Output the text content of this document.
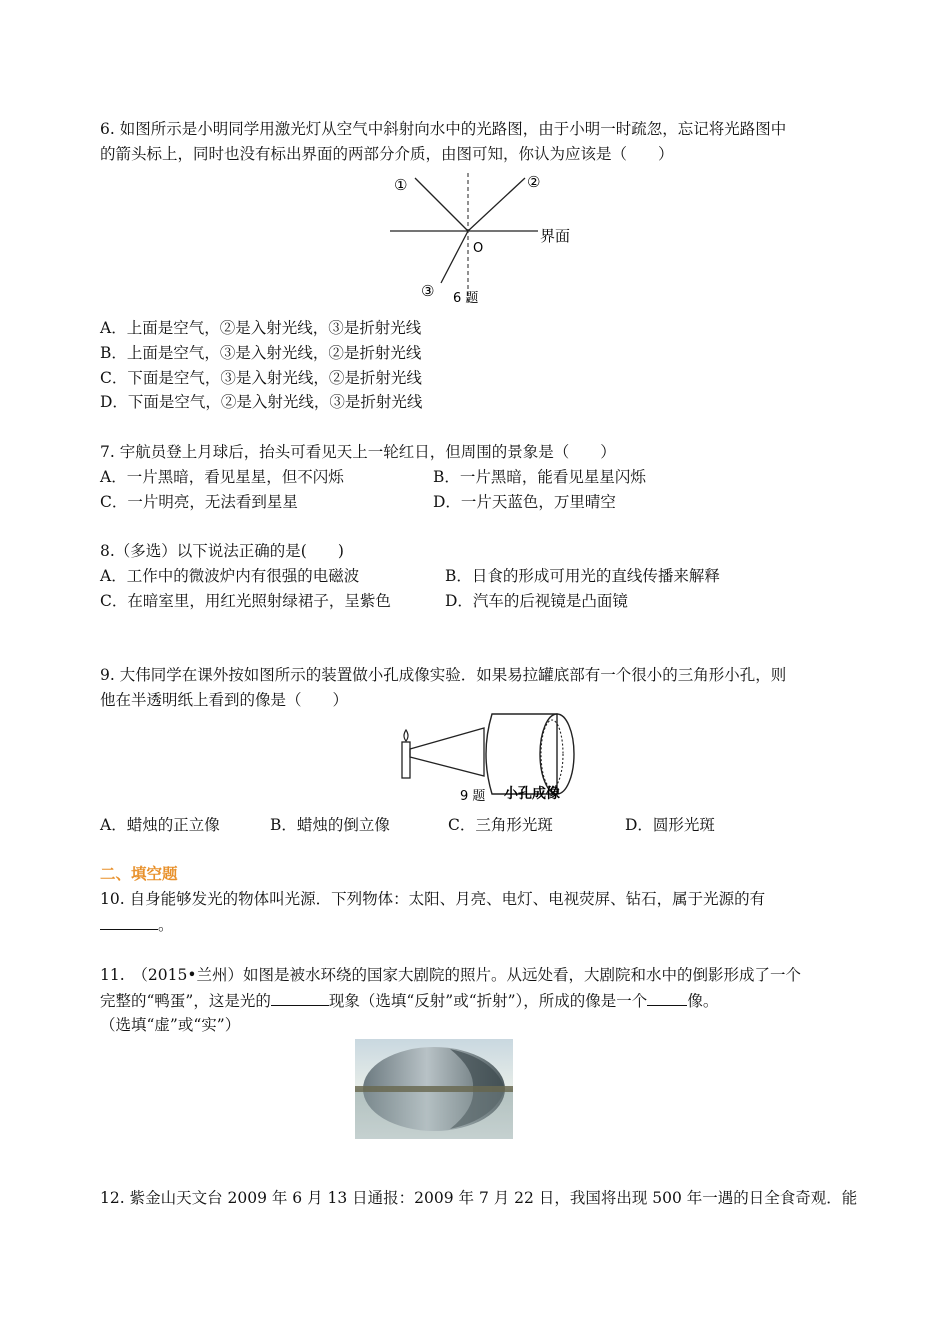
6. 如图所示是小明同学用激光灯从空气中斜射向水中的光路图，由于小明一时疏忽，忘记将光路图中
的箭头标上，同时也没有标出界面的两部分介质，由图可知，你认为应该是（　　）
①	②
③
O
界面
6 题
A．上面是空气，②是入射光线，③是折射光线
B．上面是空气，③是入射光线，②是折射光线
C．下面是空气，③是入射光线，②是折射光线
D．下面是空气，②是入射光线，③是折射光线
7. 宇航员登上月球后，抬头可看见天上一轮红日，但周围的景象是（　　）
A．一片黑暗，看见星星，但不闪烁	B．一片黑暗，能看见星星闪烁
C．一片明亮，无法看到星星	D．一片天蓝色，万里晴空
8.（多选）以下说法正确的是(　　)
A．工作中的微波炉内有很强的电磁波	B．日食的形成可用光的直线传播来解释
C．在暗室里，用红光照射绿裙子，呈紫色	D．汽车的后视镜是凸面镜
9. 大伟同学在课外按如图所示的装置做小孔成像实验．如果易拉罐底部有一个很小的三角形小孔，则
他在半透明纸上看到的像是（　　）
9 题 小孔成像
A．蜡烛的正立像	B．蜡烛的倒立像	C．三角形光斑	D．圆形光斑
二、填空题
10. 自身能够发光的物体叫光源．下列物体：太阳、月亮、电灯、电视荧屏、钻石，属于光源的有
。
11.　（2015•兰州）如图是被水环绕的国家大剧院的照片。从远处看，大剧院和水中的倒影形成了一个
完整的“鸭蛋”，这是光的	现象（选填“反射”或“折射”），所成的像是一个	像。
（选填“虚”或“实”）
12. 紫金山天文台 2009 年 6 月 13 日通报：2009 年 7 月 22 日，我国将出现 500 年一遇的日全食奇观．能
